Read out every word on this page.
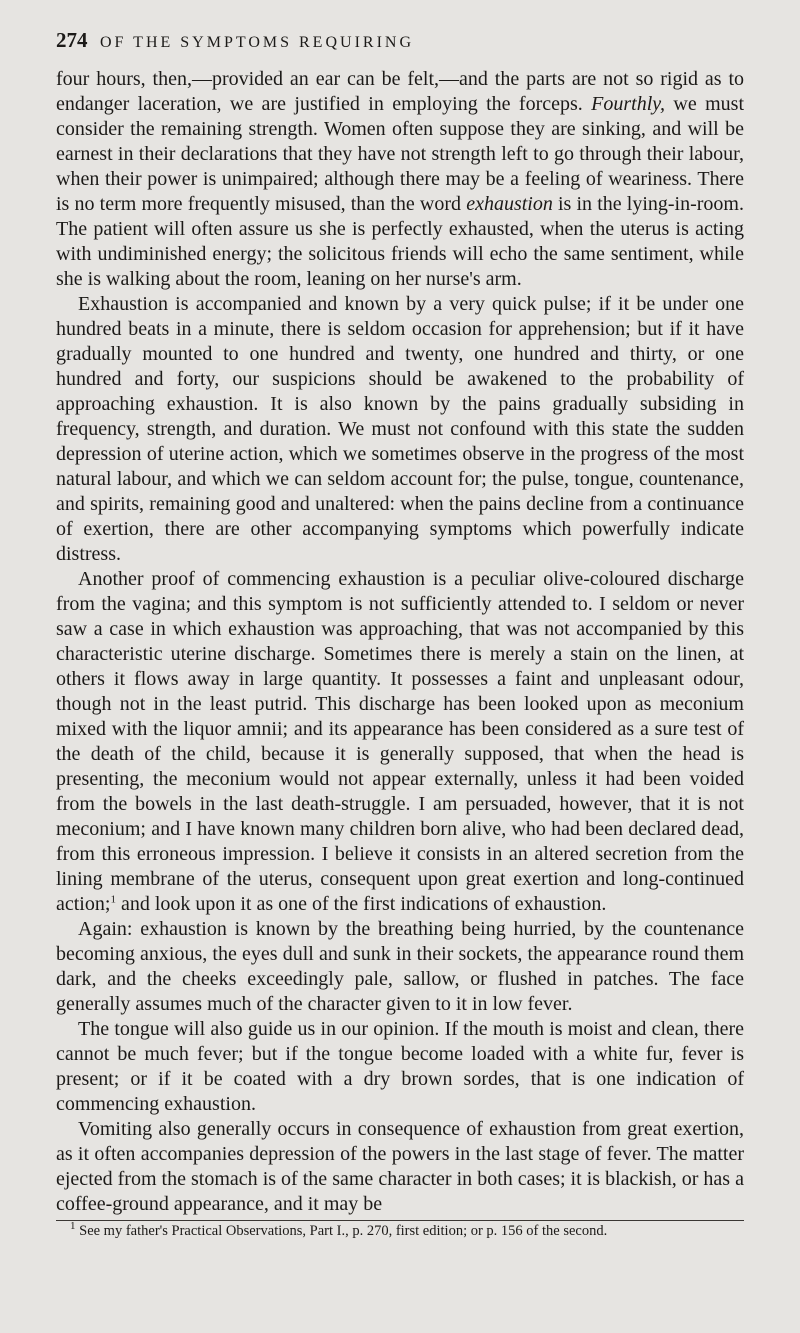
274 OF THE SYMPTOMS REQUIRING

four hours, then,—provided an ear can be felt,—and the parts are not so rigid as to endanger laceration, we are justified in employing the forceps. Fourthly, we must consider the remaining strength. Women often suppose they are sinking, and will be earnest in their declarations that they have not strength left to go through their labour, when their power is unimpaired; although there may be a feeling of weariness. There is no term more frequently misused, than the word exhaustion is in the lying-in-room. The patient will often assure us she is perfectly exhausted, when the uterus is acting with undiminished energy; the solicitous friends will echo the same sentiment, while she is walking about the room, leaning on her nurse's arm.

Exhaustion is accompanied and known by a very quick pulse; if it be under one hundred beats in a minute, there is seldom occasion for apprehension; but if it have gradually mounted to one hundred and twenty, one hundred and thirty, or one hundred and forty, our suspicions should be awakened to the probability of approaching exhaustion. It is also known by the pains gradually subsiding in frequency, strength, and duration. We must not confound with this state the sudden depression of uterine action, which we sometimes observe in the progress of the most natural labour, and which we can seldom account for; the pulse, tongue, countenance, and spirits, remaining good and unaltered: when the pains decline from a continuance of exertion, there are other accompanying symptoms which powerfully indicate distress.

Another proof of commencing exhaustion is a peculiar olive-coloured discharge from the vagina; and this symptom is not sufficiently attended to. I seldom or never saw a case in which exhaustion was approaching, that was not accompanied by this characteristic uterine discharge. Sometimes there is merely a stain on the linen, at others it flows away in large quantity. It possesses a faint and unpleasant odour, though not in the least putrid. This discharge has been looked upon as meconium mixed with the liquor amnii; and its appearance has been considered as a sure test of the death of the child, because it is generally supposed, that when the head is presenting, the meconium would not appear externally, unless it had been voided from the bowels in the last death-struggle. I am persuaded, however, that it is not meconium; and I have known many children born alive, who had been declared dead, from this erroneous impression. I believe it consists in an altered secretion from the lining membrane of the uterus, consequent upon great exertion and long-continued action;$^1$ and look upon it as one of the first indications of exhaustion.

Again: exhaustion is known by the breathing being hurried, by the countenance becoming anxious, the eyes dull and sunk in their sockets, the appearance round them dark, and the cheeks exceedingly pale, sallow, or flushed in patches. The face generally assumes much of the character given to it in low fever.

The tongue will also guide us in our opinion. If the mouth is moist and clean, there cannot be much fever; but if the tongue become loaded with a white fur, fever is present; or if it be coated with a dry brown sordes, that is one indication of commencing exhaustion.

Vomiting also generally occurs in consequence of exhaustion from great exertion, as it often accompanies depression of the powers in the last stage of fever. The matter ejected from the stomach is of the same character in both cases; it is blackish, or has a coffee-ground appearance, and it may be

$^1$ See my father's Practical Observations, Part I., p. 270, first edition; or p. 156 of the second.
